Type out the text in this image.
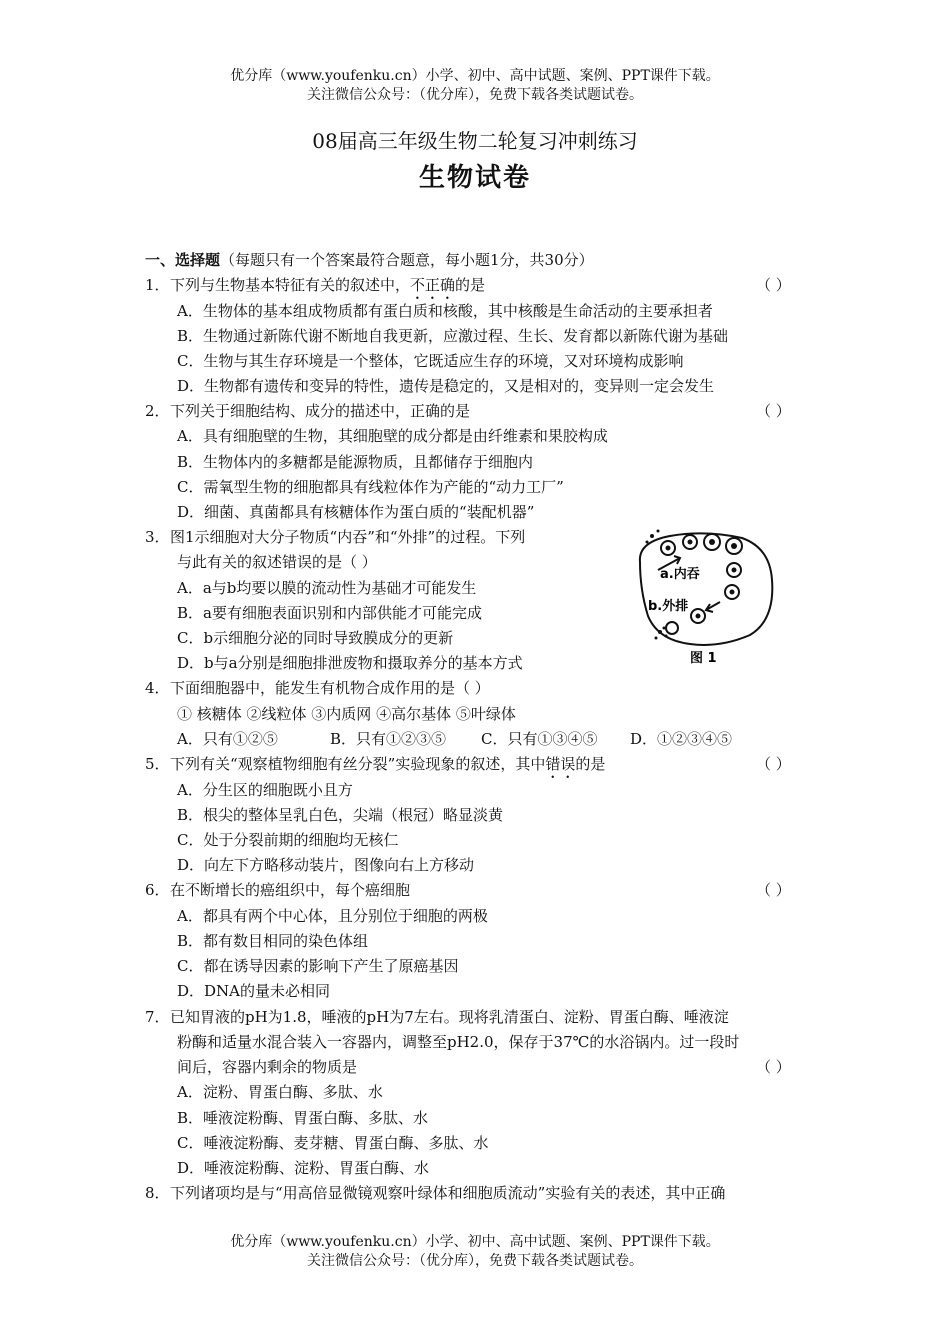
优分库（www.youfenku.cn）小学、初中、高中试题、案例、PPT课件下载。
关注微信公众号：（优分库），免费下载各类试题试卷。
08届高三年级生物二轮复习冲刺练习
生物试卷
一、选择题（每题只有一个答案最符合题意，每小题1分，共30分）
1． 下列与生物基本特征有关的叙述中，不正确的是	（ ）
A．生物体的基本组成物质都有蛋白质和核酸，其中核酸是生命活动的主要承担者
B．生物通过新陈代谢不断地自我更新，应激过程、生长、发育都以新陈代谢为基础
C．生物与其生存环境是一个整体，它既适应生存的环境，又对环境构成影响
D．生物都有遗传和变异的特性，遗传是稳定的，又是相对的，变异则一定会发生
2． 下列关于细胞结构、成分的描述中，正确的是	（ ）
A．具有细胞壁的生物，其细胞壁的成分都是由纤维素和果胶构成
B．生物体内的多糖都是能源物质，且都储存于细胞内
C．需氧型生物的细胞都具有线粒体作为产能的“动力工厂”
D．细菌、真菌都具有核糖体作为蛋白质的“装配机器”
3． 图1示细胞对大分子物质“内吞”和“外排”的过程。下列
与此有关的叙述错误的是（ ）
A．a与b均要以膜的流动性为基础才可能发生
B．a要有细胞表面识别和内部供能才可能完成
C．b示细胞分泌的同时导致膜成分的更新
D．b与a分别是细胞排泄废物和摄取养分的基本方式
a.内吞
b.外排
图 1
4． 下面细胞器中，能发生有机物合成作用的是（ ）
① 核糖体 ②线粒体 ③内质网 ④高尔基体 ⑤叶绿体
A．只有①②⑤	B．只有①②③⑤ C．只有①③④⑤ D．①②③④⑤
5． 下列有关“观察植物细胞有丝分裂”实验现象的叙述，其中错误的是	（ ）
A．分生区的细胞既小且方
B．根尖的整体呈乳白色，尖端（根冠）略显淡黄
C．处于分裂前期的细胞均无核仁
D．向左下方略移动装片，图像向右上方移动
6． 在不断增长的癌组织中，每个癌细胞	（ ）
A．都具有两个中心体，且分别位于细胞的两极
B．都有数目相同的染色体组
C．都在诱导因素的影响下产生了原癌基因
D．DNA的量未必相同
7． 已知胃液的pH为1.8，唾液的pH为7左右。现将乳清蛋白、淀粉、胃蛋白酶、唾液淀
粉酶和适量水混合装入一容器内，调整至pH2.0，保存于37℃的水浴锅内。过一段时
间后，容器内剩余的物质是	（ ）
A．淀粉、胃蛋白酶、多肽、水
B．唾液淀粉酶、胃蛋白酶、多肽、水
C．唾液淀粉酶、麦芽糖、胃蛋白酶、多肽、水
D．唾液淀粉酶、淀粉、胃蛋白酶、水
8． 下列诸项均是与“用高倍显微镜观察叶绿体和细胞质流动”实验有关的表述，其中正确
优分库（www.youfenku.cn）小学、初中、高中试题、案例、PPT课件下载。
关注微信公众号：（优分库），免费下载各类试题试卷。
